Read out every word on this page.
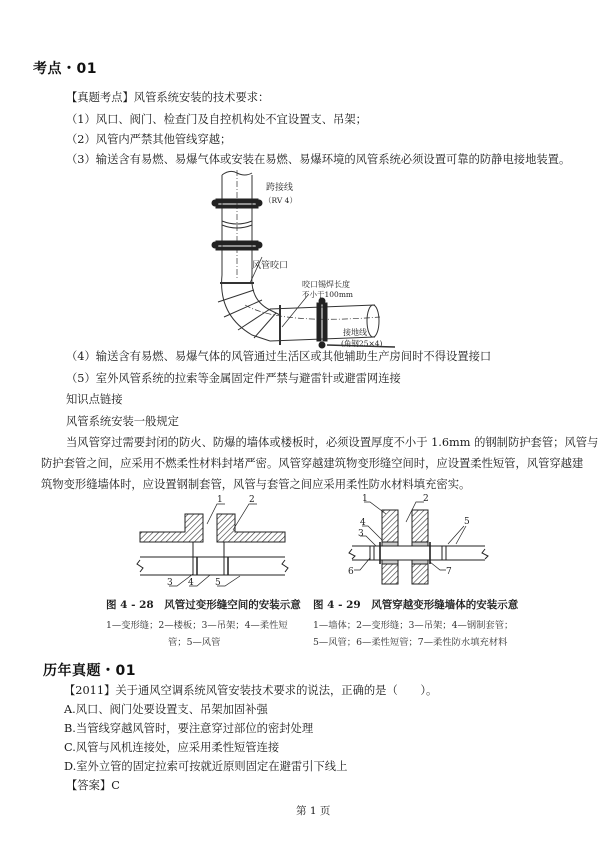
考点・01
【真题考点】风管系统安装的技术要求：
（1）风口、阀门、检查门及自控机构处不宜设置支、吊架；
（2）风管内严禁其他管线穿越；
（3）输送含有易燃、易爆气体或安装在易燃、易爆环境的风管系统必须设置可靠的防静电接地装置。
跨接线
（RV 4）
风管咬口
咬口锡焊长度
不小于100mm
接地线
(角钢25×4)
（4）输送含有易燃、易爆气体的风管通过生活区或其他辅助生产房间时不得设置接口
（5）室外风管系统的拉索等金属固定件严禁与避雷针或避雷网连接
知识点链接
风管系统安装一般规定
当风管穿过需要封闭的防火、防爆的墙体或楼板时，必须设置厚度不小于 1.6mm 的钢制防护套管；风管与
防护套管之间，应采用不燃柔性材料封堵严密。风管穿越建筑物变形缝空间时，应设置柔性短管，风管穿越建
筑物变形缝墙体时，应设置钢制套管，风管与套管之间应采用柔性防水材料填充密实。
1	2
3 4 5
1	2
3
4	5
6	7
图 4 - 28　风管过变形缝空间的安装示意
1—变形缝；2—楼板；3—吊架；4—柔性短
管；5—风管
图 4 - 29　风管穿越变形缝墙体的安装示意
1—墙体；2—变形缝；3—吊架；4—钢制套管；
5—风管；6—柔性短管；7—柔性防水填充材料
历年真题・01
【2011】关于通风空调系统风管安装技术要求的说法，正确的是（　　）。
A.风口、阀门处要设置支、吊架加固补强
B.当管线穿越风管时，要注意穿过部位的密封处理
C.风管与风机连接处，应采用柔性短管连接
D.室外立管的固定拉索可按就近原则固定在避雷引下线上
【答案】C
第 1 页
